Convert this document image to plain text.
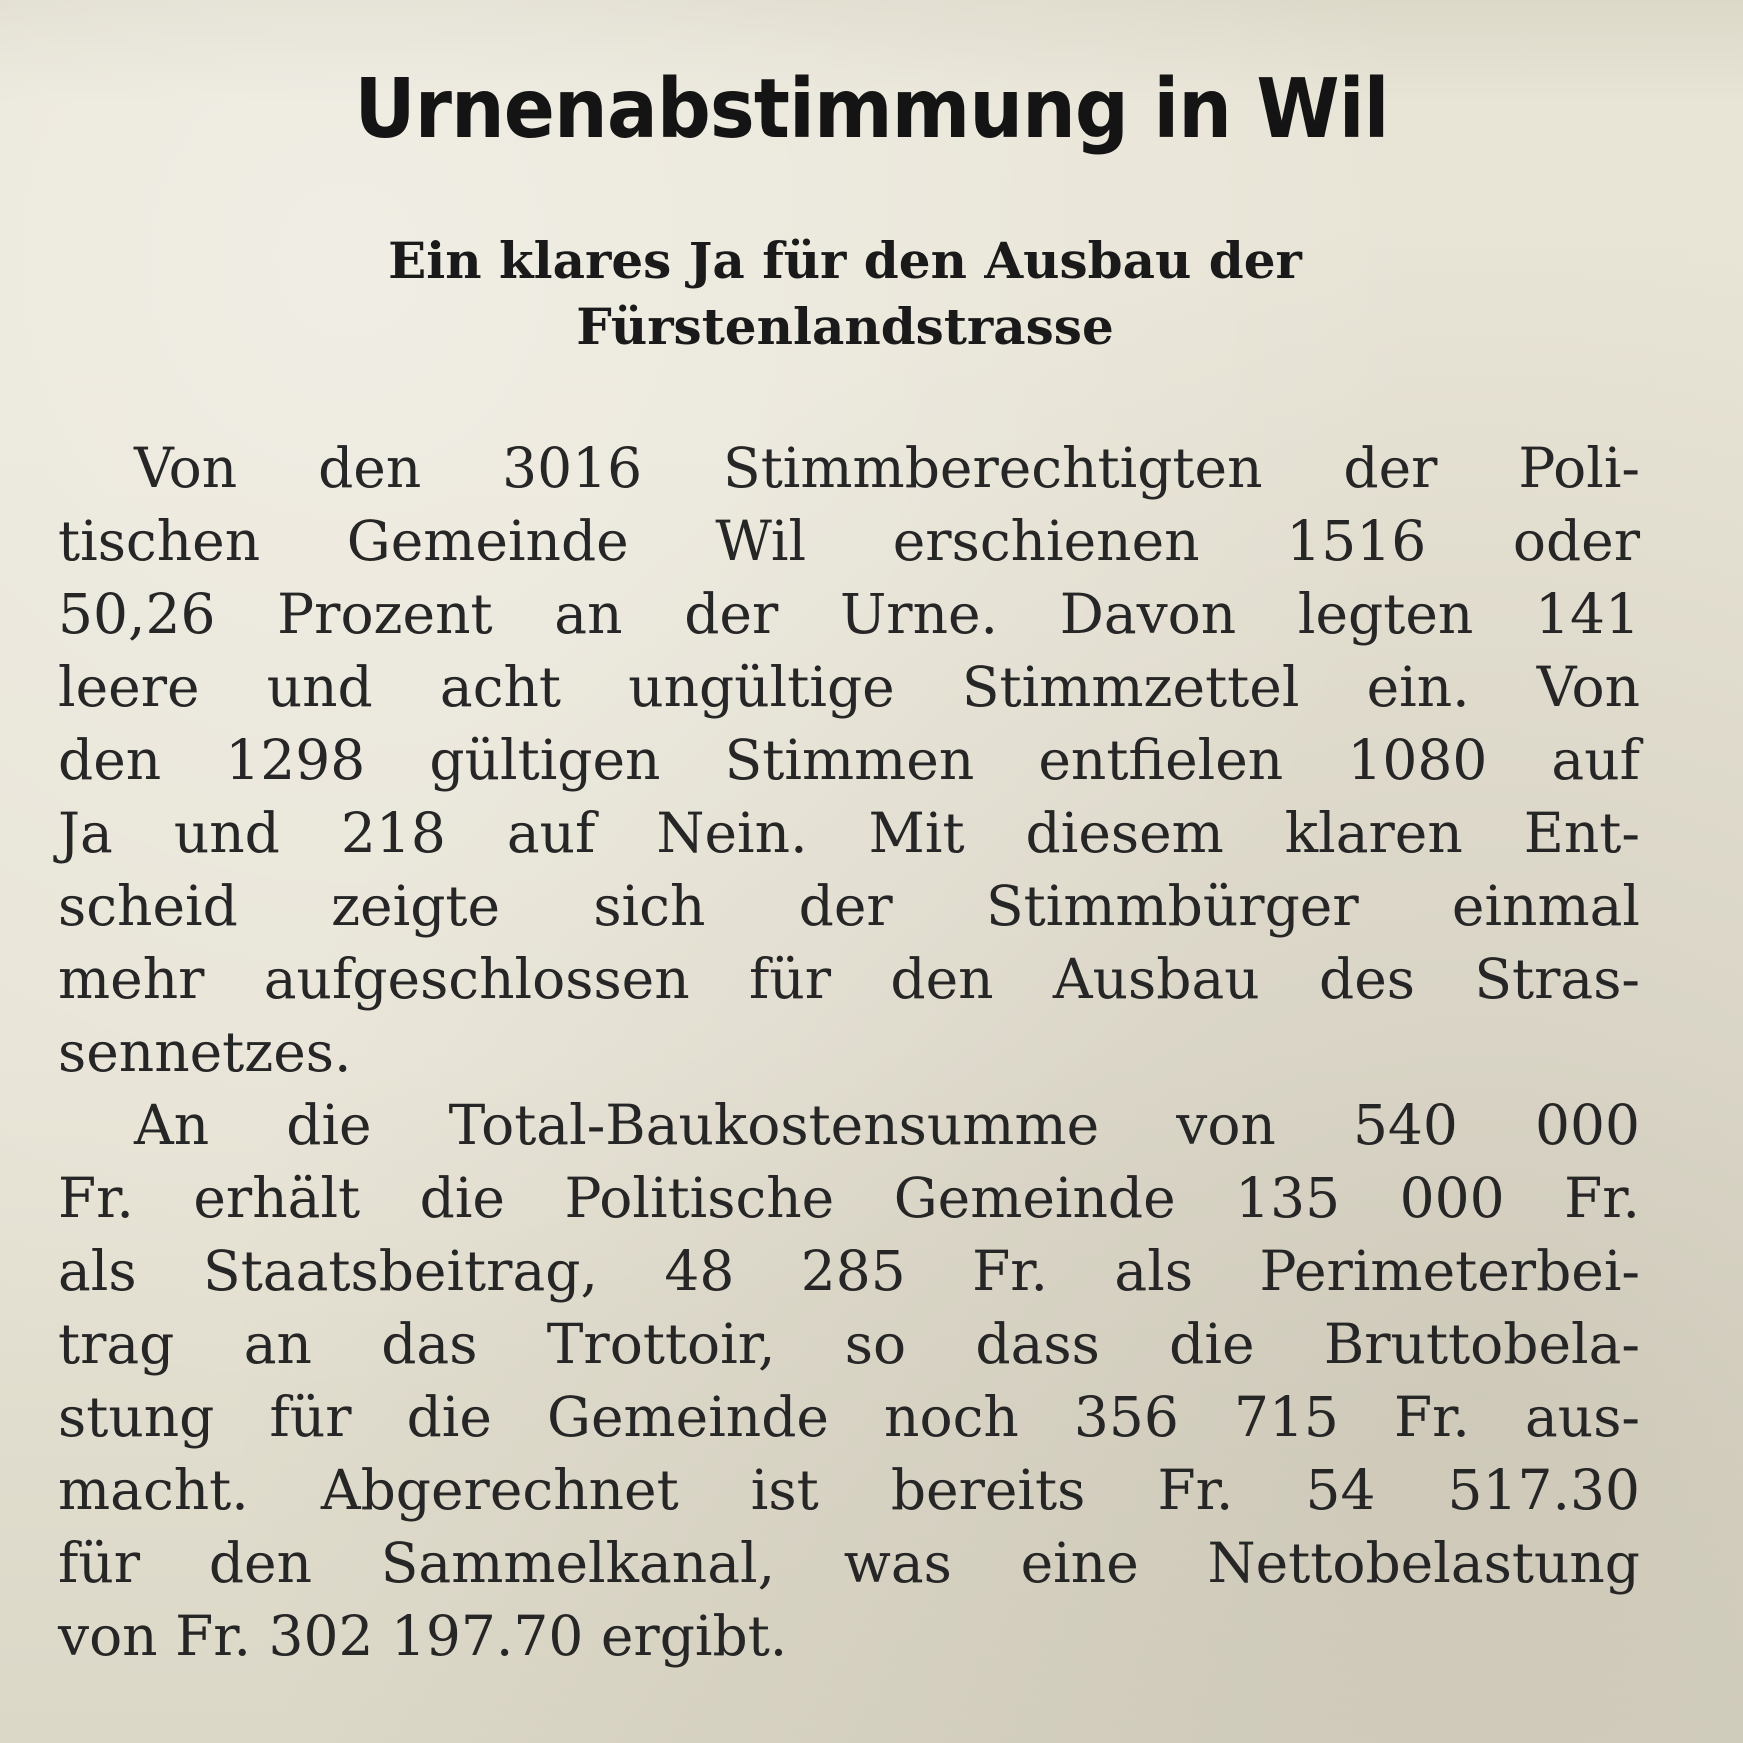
Urnenabstimmung in Wil
Ein klares Ja für den Ausbau der
Fürstenlandstrasse
Von den 3016 Stimmberechtigten der Poli-
tischen Gemeinde Wil erschienen 1516 oder
50,26 Prozent an der Urne. Davon legten 141
leere und acht ungültige Stimmzettel ein. Von
den 1298 gültigen Stimmen entfielen 1080 auf
Ja und 218 auf Nein. Mit diesem klaren Ent-
scheid zeigte sich der Stimmbürger einmal
mehr aufgeschlossen für den Ausbau des Stras-
sennetzes.
An die Total-Baukostensumme von 540 000
Fr. erhält die Politische Gemeinde 135 000 Fr.
als Staatsbeitrag, 48 285 Fr. als Perimeterbei-
trag an das Trottoir, so dass die Bruttobela-
stung für die Gemeinde noch 356 715 Fr. aus-
macht. Abgerechnet ist bereits Fr. 54 517.30
für den Sammelkanal, was eine Nettobelastung
von Fr. 302 197.70 ergibt.
